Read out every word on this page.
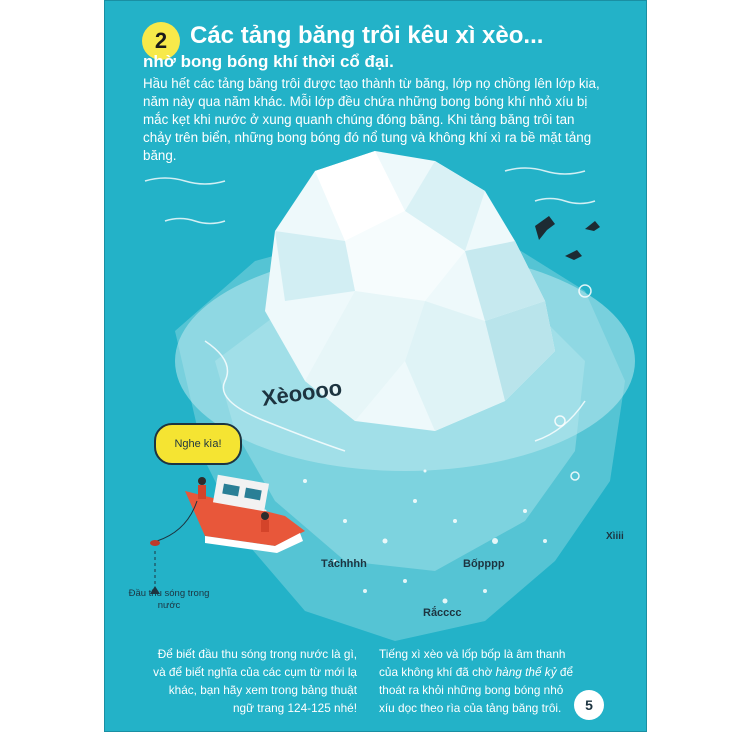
Xèoooo
Táchhhh	Bốpppp
Xìiii
Rắcccc
2 Các tảng băng trôi kêu xì xèo...
nhờ bong bóng khí thời cổ đại.
Hầu hết các tảng băng trôi được tạo thành từ băng, lớp nọ chồng lên lớp kia, năm này qua năm khác. Mỗi lớp đều chứa những bong bóng khí nhỏ xíu bị mắc kẹt khi nước ở xung quanh chúng đóng băng. Khi tảng băng trôi tan chảy trên biển, những bong bóng đó nổ tung và không khí xì ra bề mặt tảng băng.
Nghe kìa!
Đầu thu sóng trong nước
Để biết đầu thu sóng trong nước là gì, và để biết nghĩa của các cụm từ mới lạ khác, bạn hãy xem trong bảng thuật ngữ trang 124-125 nhé!
Tiếng xì xèo và lốp bốp là âm thanh của không khí đã chờ hàng thế kỷ để thoát ra khỏi những bong bóng nhỏ xíu dọc theo rìa của tảng băng trôi.	5
